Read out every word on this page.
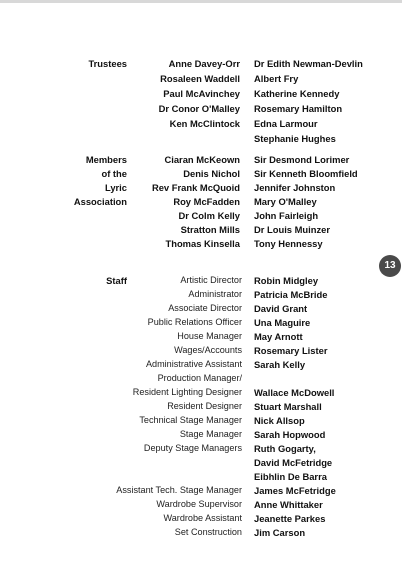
Trustees	Anne Davey-Orr
Rosaleen Waddell
Paul McAvinchey
Dr Conor O'Malley
Ken McClintock
Dr Edith Newman-Devlin
Albert Fry
Katherine Kennedy
Rosemary Hamilton
Edna Larmour
Stephanie Hughes
Members
of the
Lyric
Association
Ciaran McKeown
Denis Nichol
Rev Frank McQuoid
Roy McFadden
Dr Colm Kelly
Stratton Mills
Thomas Kinsella
Sir Desmond Lorimer
Sir Kenneth Bloomfield
Jennifer Johnston
Mary O'Malley
John Fairleigh
Dr Louis Muinzer
Tony Hennessy
13
Staff	Artistic Director
Administrator
Associate Director
Public Relations Officer
House Manager
Wages/Accounts
Administrative Assistant
Production Manager/
Resident Lighting Designer
Resident Designer
Technical Stage Manager
Stage Manager
Deputy Stage Managers
Assistant Tech. Stage Manager
Wardrobe Supervisor
Wardrobe Assistant
Set Construction
Robin Midgley
Patricia McBride
David Grant
Una Maguire
May Arnott
Rosemary Lister
Sarah Kelly
Wallace McDowell
Stuart Marshall
Nick Allsop
Sarah Hopwood
Ruth Gogarty,
David McFetridge
Eibhlin De Barra
James McFetridge
Anne Whittaker
Jeanette Parkes
Jim Carson
